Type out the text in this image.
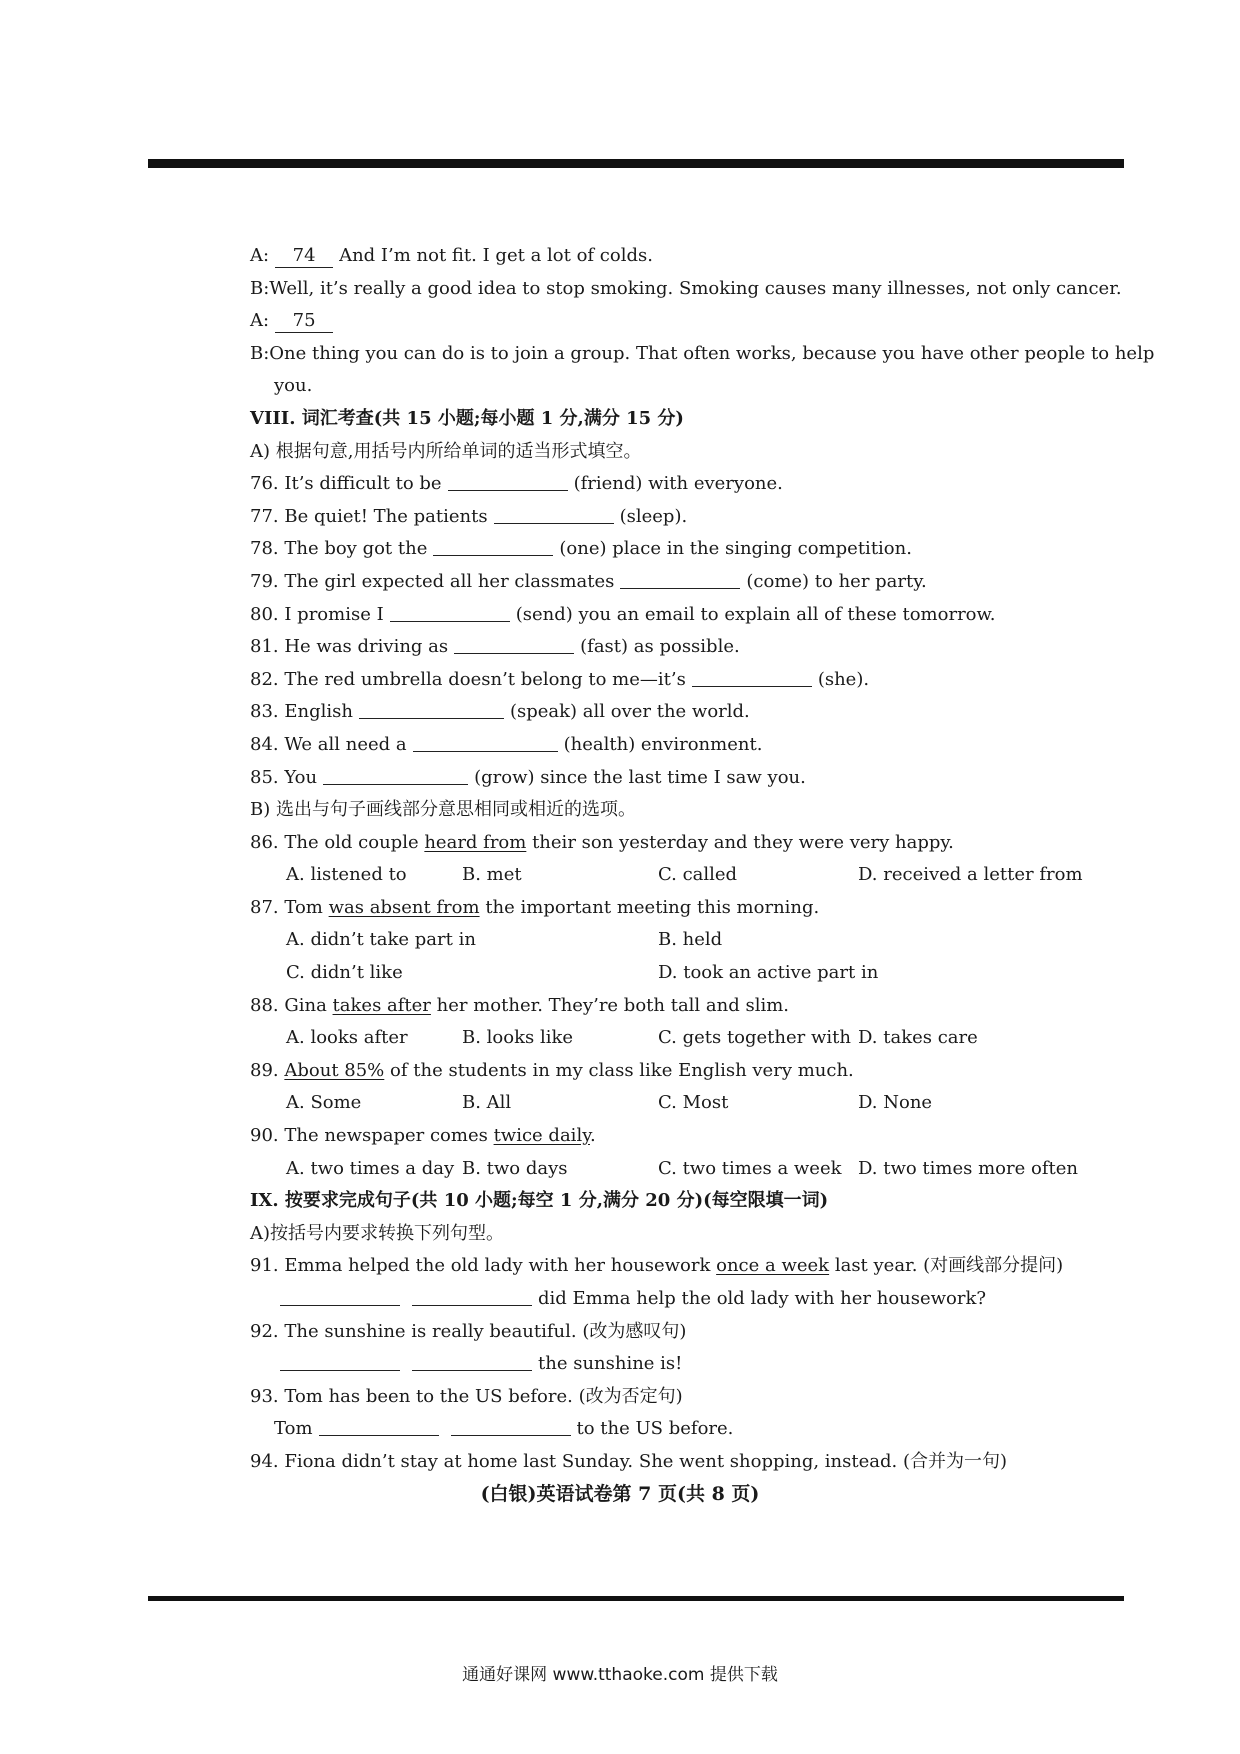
A: 74 And I’m not fit. I get a lot of colds.
B:Well, it’s really a good idea to stop smoking. Smoking causes many illnesses, not only cancer.
A: 75
B:One thing you can do is to join a group. That often works, because you have other people to help
you.
VIII. 词汇考查(共 15 小题;每小题 1 分,满分 15 分)
A) 根据句意,用括号内所给单词的适当形式填空。
76. It’s difficult to be	(friend) with everyone.
77. Be quiet! The patients	(sleep).
78. The boy got the	(one) place in the singing competition.
79. The girl expected all her classmates	(come) to her party.
80. I promise I	(send) you an email to explain all of these tomorrow.
81. He was driving as	(fast) as possible.
82. The red umbrella doesn’t belong to me—it’s	(she).
83. English	(speak) all over the world.
84. We all need a	(health) environment.
85. You	(grow) since the last time I saw you.
B) 选出与句子画线部分意思相同或相近的选项。
86. The old couple heard from their son yesterday and they were very happy.
A. listened to	B. met	C. called	D. received a letter from
87. Tom was absent from the important meeting this morning.
A. didn’t take part in	B. held
C. didn’t like	D. took an active part in
88. Gina takes after her mother. They’re both tall and slim.
A. looks after	B. looks like	C. gets together with D. takes care
89. About 85% of the students in my class like English very much.
A. Some	B. All	C. Most	D. None
90. The newspaper comes twice daily.
A. two times a day B. two days	C. two times a week D. two times more often
IX. 按要求完成句子(共 10 小题;每空 1 分,满分 20 分)(每空限填一词)
A)按括号内要求转换下列句型。
91. Emma helped the old lady with her housework once a week last year. (对画线部分提问)
did Emma help the old lady with her housework?
92. The sunshine is really beautiful. (改为感叹句)
the sunshine is!
93. Tom has been to the US before. (改为否定句)
Tom	to the US before.
94. Fiona didn’t stay at home last Sunday. She went shopping, instead. (合并为一句)
(白银)英语试卷第 7 页(共 8 页)
通通好课网 www.tthaoke.com 提供下载
